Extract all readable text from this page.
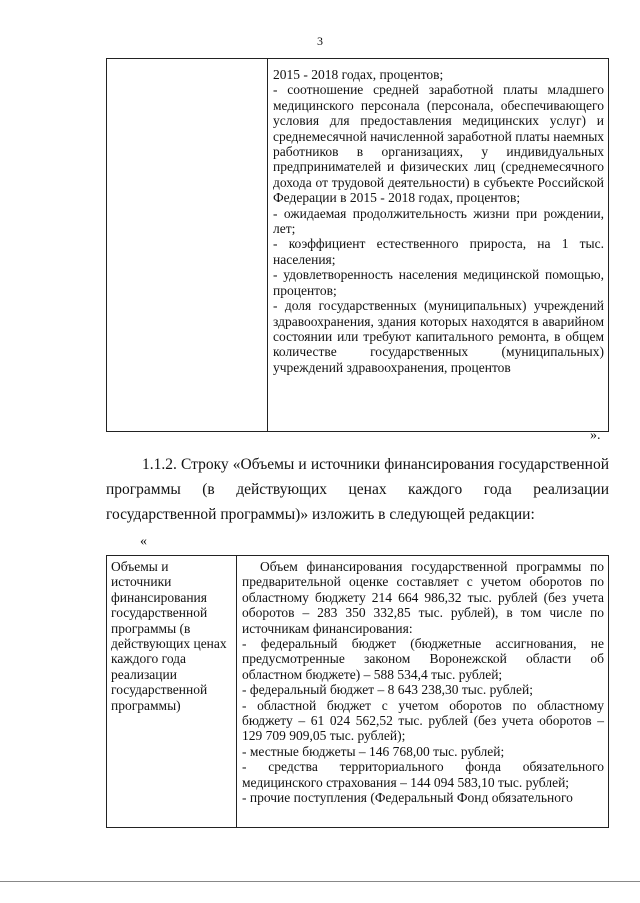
3

2015 - 2018 годах, процентов;
- соотношение средней заработной платы младшего медицинского персонала (персонала, обеспечивающего условия для предоставления медицинских услуг) и среднемесячной начисленной заработной платы наемных работников в организациях, у индивидуальных предпринимателей и физических лиц (среднемесячного дохода от трудовой деятельности) в субъекте Российской Федерации в 2015 - 2018 годах, процентов;
- ожидаемая продолжительность жизни при рождении, лет;
- коэффициент естественного прироста, на 1 тыс. населения;
- удовлетворенность населения медицинской помощью, процентов;
- доля государственных (муниципальных) учреждений здравоохранения, здания которых находятся в аварийном состоянии или требуют капитального ремонта, в общем количестве государственных (муниципальных) учреждений здравоохранения, процентов
».

1.1.2. Строку «Объемы и источники финансирования государственной программы (в действующих ценах каждого года реализации государственной программы)» изложить в следующей редакции:

«
Объемы и источники финансирования государственной программы (в действующих ценах каждого года реализации государственной программы)

Объем финансирования государственной программы по предварительной оценке составляет с учетом оборотов по областному бюджету 214 664 986,32 тыс. рублей (без учета оборотов – 283 350 332,85 тыс. рублей), в том числе по источникам финансирования:
- федеральный бюджет (бюджетные ассигнования, не предусмотренные законом Воронежской области об областном бюджете) – 588 534,4 тыс. рублей;
- федеральный бюджет – 8 643 238,30 тыс. рублей;
- областной бюджет с учетом оборотов по областному бюджету – 61 024 562,52 тыс. рублей (без учета оборотов – 129 709 909,05 тыс. рублей);
- местные бюджеты – 146 768,00 тыс. рублей;
- средства территориального фонда обязательного медицинского страхования – 144 094 583,10 тыс. рублей;
- прочие поступления (Федеральный Фонд обязательного
